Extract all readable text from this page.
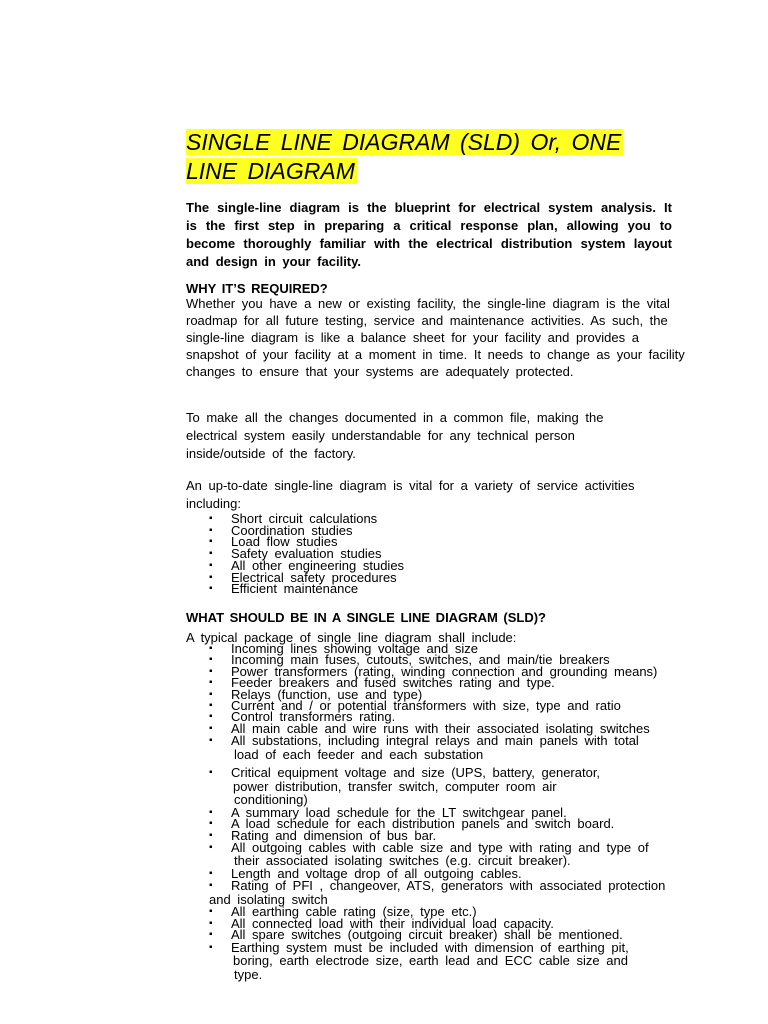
SINGLE LINE DIAGRAM (SLD) Or, ONE
LINE DIAGRAM
The single-line diagram is the blueprint for electrical system analysis. It is the first step in preparing a critical response plan, allowing you to become thoroughly familiar with the electrical distribution system layout and design in your facility.
WHY IT’S REQUIRED?
Whether you have a new or existing facility, the single-line diagram is the vital roadmap for all future testing, service and maintenance activities. As such, the single-line diagram is like a balance sheet for your facility and provides a snapshot of your facility at a moment in time. It needs to change as your facility changes to ensure that your systems are adequately protected.
To make all the changes documented in a common file, making the
electrical system easily understandable for any technical person
inside/outside of the factory.
An up-to-date single-line diagram is vital for a variety of service activities
including:
▪ Short circuit calculations
▪ Coordination studies
▪ Load flow studies
▪ Safety evaluation studies
▪ All other engineering studies
▪ Electrical safety procedures
▪ Efficient maintenance
WHAT SHOULD BE IN A SINGLE LINE DIAGRAM (SLD)?
A typical package of single line diagram shall include:
▪ Incoming lines showing voltage and size
▪ Incoming main fuses, cutouts, switches, and main/tie breakers
▪ Power transformers (rating, winding connection and grounding means)
▪ Feeder breakers and fused switches rating and type.
▪ Relays (function, use and type)
▪ Current and / or potential transformers with size, type and ratio
▪ Control transformers rating.
▪ All main cable and wire runs with their associated isolating switches
▪ All substations, including integral relays and main panels with total
load of each feeder and each substation
▪ Critical equipment voltage and size (UPS, battery, generator,
power distribution, transfer switch, computer room air
conditioning)
▪ A summary load schedule for the LT switchgear panel.
▪ A load schedule for each distribution panels and switch board.
▪ Rating and dimension of bus bar.
▪ All outgoing cables with cable size and type with rating and type of
their associated isolating switches (e.g. circuit breaker).
▪ Length and voltage drop of all outgoing cables.
▪ Rating of PFI , changeover, ATS, generators with associated protection
and isolating switch
▪ All earthing cable rating (size, type etc.)
▪ All connected load with their individual load capacity.
▪ All spare switches (outgoing circuit breaker) shall be mentioned.
▪ Earthing system must be included with dimension of earthing pit,
boring, earth electrode size, earth lead and ECC cable size and
type.
